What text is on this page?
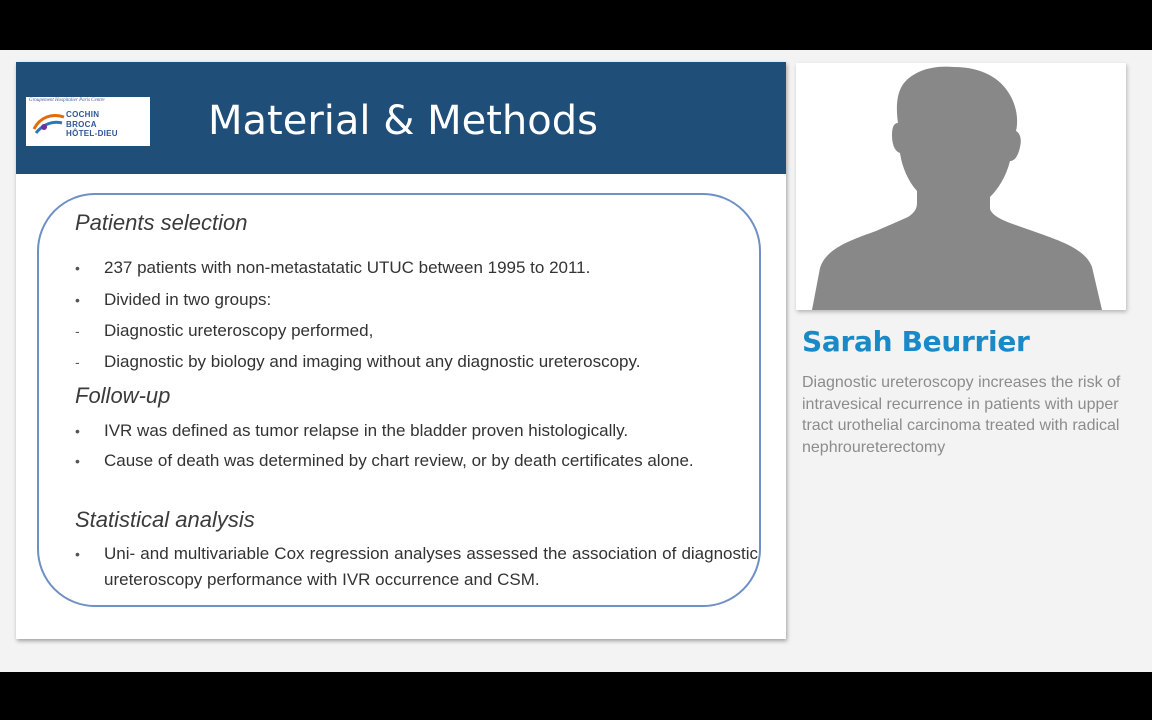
Groupement Hospitalier Paris Centre
COCHIN
BROCA
HÔTEL-DIEU Material & Methods
Patients selection
•	237 patients with non-metastatatic UTUC between 1995 to 2011.
•	Divided in two groups:
-	Diagnostic ureteroscopy performed,
-	Diagnostic by biology and imaging without any diagnostic ureteroscopy.
Follow-up
•	IVR was defined as tumor relapse in the bladder proven histologically.
•	Cause of death was determined by chart review, or by death certificates alone.
Statistical analysis
•	Uni- and multivariable Cox regression analyses assessed the association of diagnostic ureteroscopy performance with IVR occurrence and CSM.
Sarah Beurrier
Diagnostic ureteroscopy increases the risk of intravesical recurrence in patients with upper tract urothelial carcinoma treated with radical nephroureterectomy
